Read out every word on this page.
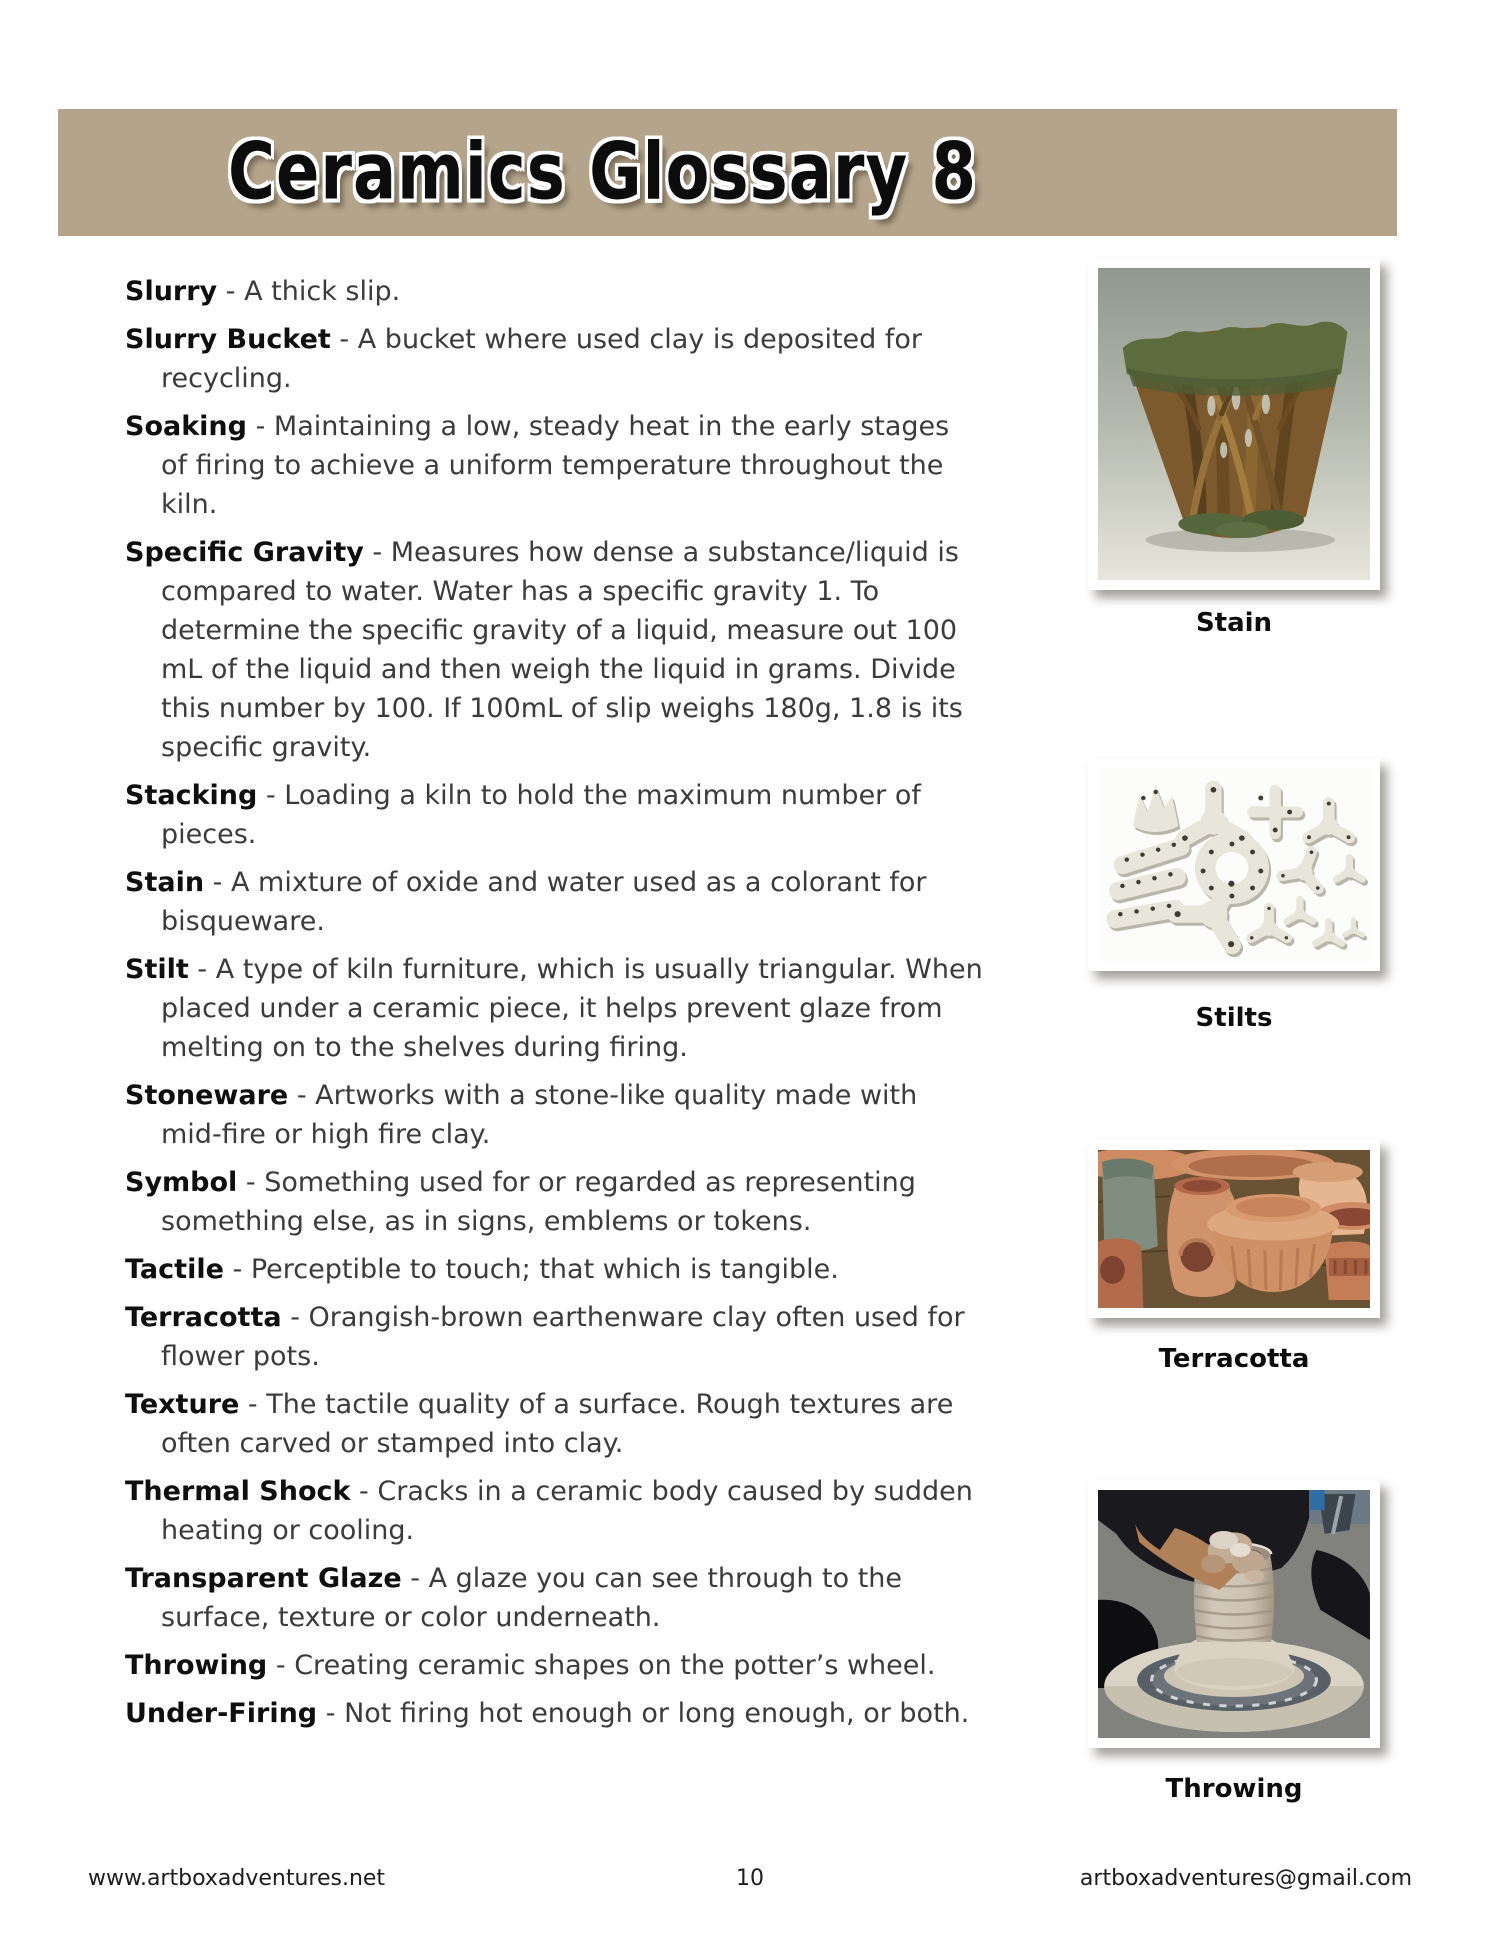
Ceramics Glossary 8

Slurry - A thick slip.

Slurry Bucket - A bucket where used clay is deposited for recycling.

Soaking - Maintaining a low, steady heat in the early stages of firing to achieve a uniform temperature throughout the kiln.

Specific Gravity - Measures how dense a substance/liquid is compared to water. Water has a specific gravity 1. To determine the specific gravity of a liquid, measure out 100 mL of the liquid and then weigh the liquid in grams. Divide this number by 100. If 100mL of slip weighs 180g, 1.8 is its specific gravity.

Stacking - Loading a kiln to hold the maximum number of pieces.

Stain - A mixture of oxide and water used as a colorant for bisqueware.

Stilt - A type of kiln furniture, which is usually triangular. When placed under a ceramic piece, it helps prevent glaze from melting on to the shelves during firing.

Stoneware - Artworks with a stone-like quality made with mid-fire or high fire clay.

Symbol - Something used for or regarded as representing something else, as in signs, emblems or tokens.

Tactile - Perceptible to touch; that which is tangible.

Terracotta - Orangish-brown earthenware clay often used for flower pots.

Texture - The tactile quality of a surface. Rough textures are often carved or stamped into clay.

Thermal Shock - Cracks in a ceramic body caused by sudden heating or cooling.

Transparent Glaze - A glaze you can see through to the surface, texture or color underneath.

Throwing - Creating ceramic shapes on the potter’s wheel.

Under-Firing - Not firing hot enough or long enough, or both.

Stain
Stilts
Terracotta
Throwing
www.artboxadventures.net	10	artboxadventures@gmail.com
